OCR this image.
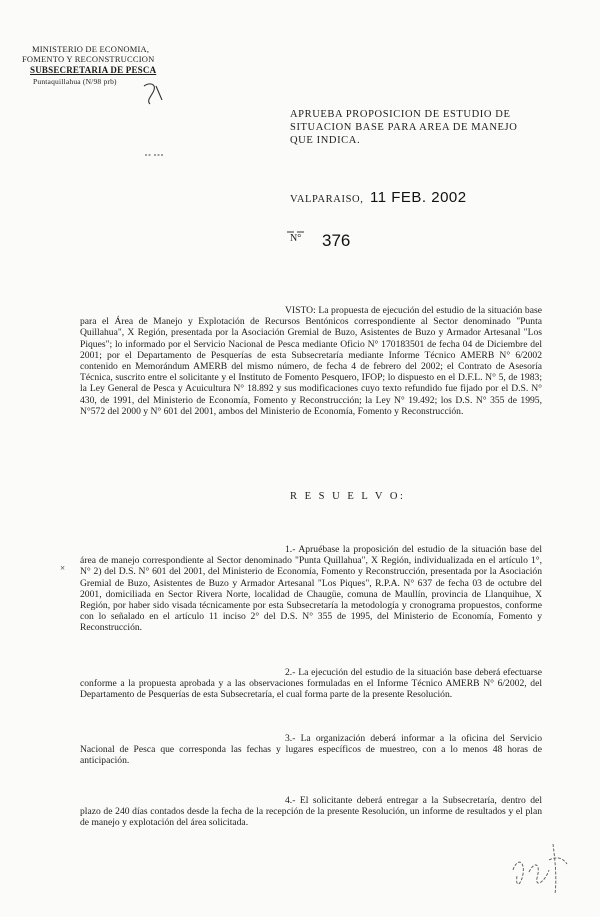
MINISTERIO DE ECONOMIA,
FOMENTO Y RECONSTRUCCION
SUBSECRETARIA DE PESCA
Puntaquillahua (N/98 prb)
APRUEBA PROPOSICION DE ESTUDIO DE
SITUACION BASE PARA AREA DE MANEJO
QUE INDICA.
VALPARAISO, 11 FEB. 2002
N° 376
VISTO: La propuesta de ejecución del estudio de la situación base para el Área de Manejo y Explotación de Recursos Bentónicos correspondiente al Sector denominado "Punta Quillahua", X Región, presentada por la Asociación Gremial de Buzo, Asistentes de Buzo y Armador Artesanal "Los Piques"; lo informado por el Servicio Nacional de Pesca mediante Oficio N° 170183501 de fecha 04 de Diciembre del 2001; por el Departamento de Pesquerías de esta Subsecretaría mediante Informe Técnico AMERB N° 6/2002 contenido en Memorándum AMERB del mismo número, de fecha 4 de febrero del 2002; el Contrato de Asesoría Técnica, suscrito entre el solicitante y el Instituto de Fomento Pesquero, IFOP; lo dispuesto en el D.F.L. N° 5, de 1983; la Ley General de Pesca y Acuicultura N° 18.892 y sus modificaciones cuyo texto refundido fue fijado por el D.S. N° 430, de 1991, del Ministerio de Economía, Fomento y Reconstrucción; la Ley N° 19.492; los D.S. N° 355 de 1995, N°572 del 2000 y N° 601 del 2001, ambos del Ministerio de Economía, Fomento y Reconstrucción.
R E S U E L V O:
1.- Apruébase la proposición del estudio de la situación base del área de manejo correspondiente al Sector denominado "Punta Quillahua", X Región, individualizada en el artículo 1°, N° 2) del D.S. N° 601 del 2001, del Ministerio de Economía, Fomento y Reconstrucción, presentada por la Asociación Gremial de Buzo, Asistentes de Buzo y Armador Artesanal "Los Piques", R.P.A. N° 637 de fecha 03 de octubre del 2001, domiciliada en Sector Rivera Norte, localidad de Chaugüe, comuna de Maullín, provincia de Llanquihue, X Región, por haber sido visada técnicamente por esta Subsecretaría la metodología y cronograma propuestos, conforme con lo señalado en el artículo 11 inciso 2° del D.S. N° 355 de 1995, del Ministerio de Economía, Fomento y Reconstrucción.
2.- La ejecución del estudio de la situación base deberá efectuarse conforme a la propuesta aprobada y a las observaciones formuladas en el Informe Técnico AMERB N° 6/2002, del Departamento de Pesquerías de esta Subsecretaría, el cual forma parte de la presente Resolución.
3.- La organización deberá informar a la oficina del Servicio Nacional de Pesca que corresponda las fechas y lugares específicos de muestreo, con a lo menos 48 horas de anticipación.
4.- El solicitante deberá entregar a la Subsecretaría, dentro del plazo de 240 días contados desde la fecha de la recepción de la presente Resolución, un informe de resultados y el plan de manejo y explotación del área solicitada.
×
